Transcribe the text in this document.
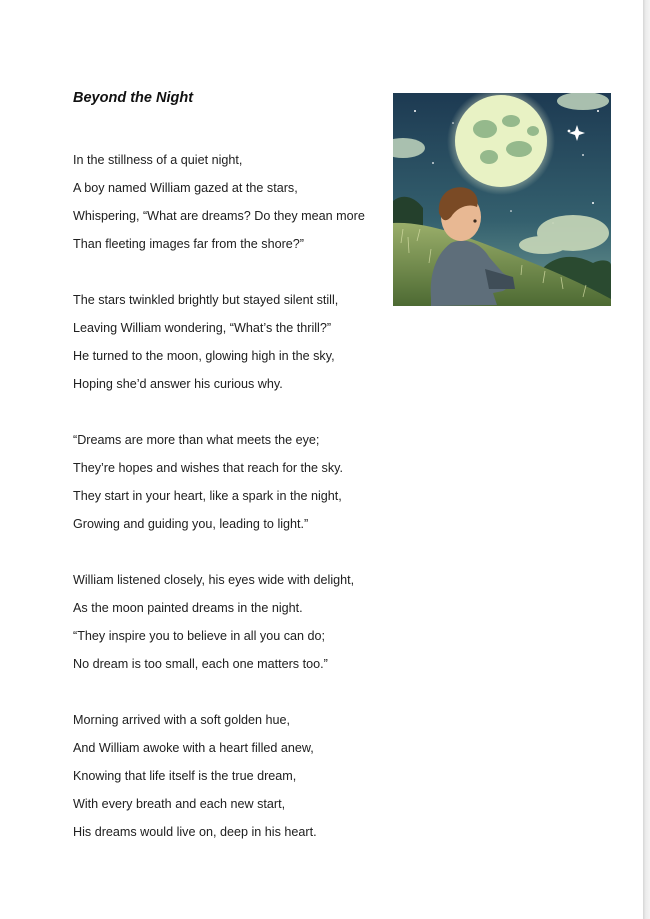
Beyond the Night
In the stillness of a quiet night,
A boy named William gazed at the stars,
Whispering, “What are dreams? Do they mean more
Than fleeting images far from the shore?”
The stars twinkled brightly but stayed silent still,
Leaving William wondering, “What’s the thrill?”
He turned to the moon, glowing high in the sky,
Hoping she’d answer his curious why.
“Dreams are more than what meets the eye;
They’re hopes and wishes that reach for the sky.
They start in your heart, like a spark in the night,
Growing and guiding you, leading to light.”
William listened closely, his eyes wide with delight,
As the moon painted dreams in the night.
“They inspire you to believe in all you can do;
No dream is too small, each one matters too.”
Morning arrived with a soft golden hue,
And William awoke with a heart filled anew,
Knowing that life itself is the true dream,
With every breath and each new start,
His dreams would live on, deep in his heart.
